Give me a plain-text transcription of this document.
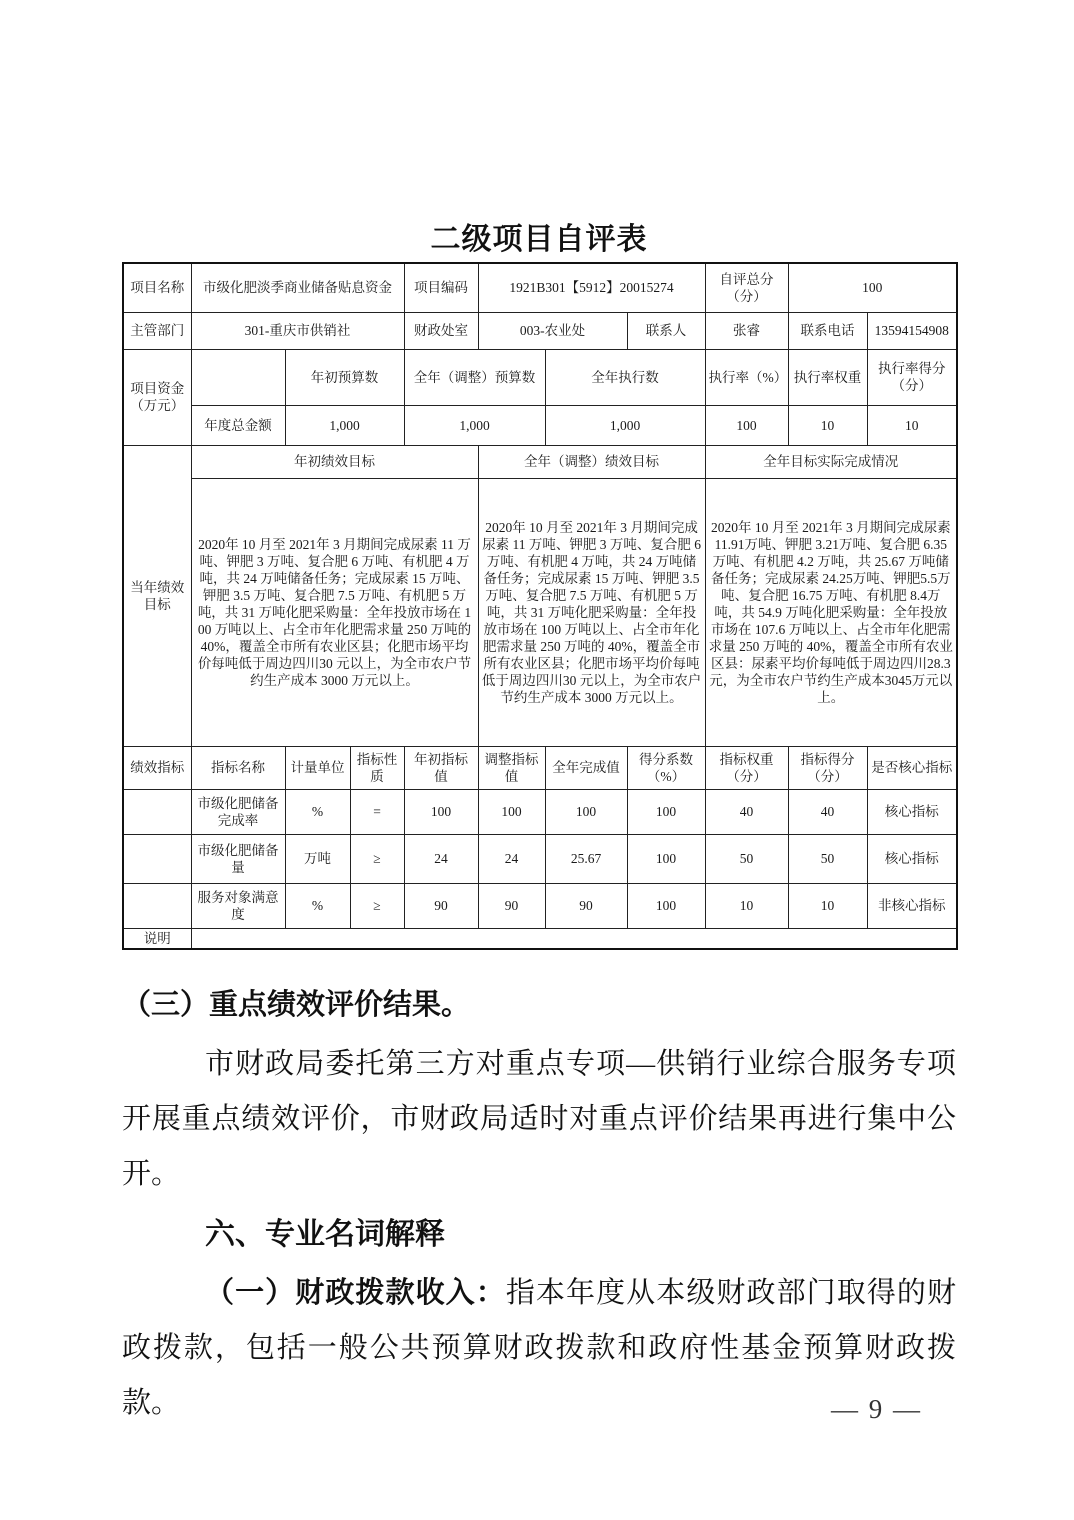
二级项目自评表
项目名称	市级化肥淡季商业储备贴息资金			项目编码	1921B301【5912】20015274			自评总分（分）	100	
主管部门	301-重庆市供销社			财政处室	003-农业处		联系人	张睿	联系电话	13594154908
项目资金（万元）		年初预算数		全年（调整）预算数		全年执行数		执行率（%）	执行率权重	执行率得分（分）
	年度总金额	1,000		1,000		1,000		100	10	10
当年绩效目标	年初绩效目标				全年（调整）绩效目标			全年目标实际完成情况		
2020年 10 月至 2021年 3 月期间完成尿素 11 万吨、钾肥 3 万吨、复合肥 6 万吨、有机肥 4 万吨，共 24 万吨储备任务；完成尿素 15 万吨、钾肥 3.5 万吨、复合肥 7.5 万吨、有机肥 5 万吨，共 31 万吨化肥采购量：全年投放市场在 100 万吨以上、占全市年化肥需求量 250 万吨的 40%，覆盖全市所有农业区县；化肥市场平均价每吨低于周边四川30 元以上，为全市农户节约生产成本 3000 万元以上。	2020年 10 月至 2021年 3 月期间完成尿素 11 万吨、钾肥 3 万吨、复合肥 6 万吨、有机肥 4 万吨，共 24 万吨储备任务；完成尿素 15 万吨、钾肥 3.5 万吨、复合肥 7.5 万吨、有机肥 5 万吨，共 31 万吨化肥采购量：全年投放市场在 100 万吨以上、占全市年化肥需求量 250 万吨的 40%，覆盖全市所有农业区县；化肥市场平均价每吨低于周边四川30 元以上，为全市农户节约生产成本 3000 万元以上。	2020年 10 月至 2021年 3 月期间完成尿素 11.91万吨、钾肥 3.21万吨、复合肥 6.35万吨、有机肥 4.2 万吨，共 25.67 万吨储备任务；完成尿素 24.25万吨、钾肥5.5万吨、复合肥 16.75 万吨、有机肥 8.4万吨，共 54.9 万吨化肥采购量：全年投放市场在 107.6 万吨以上、占全市年化肥需求量 250 万吨的 40%，覆盖全市所有农业区县：尿素平均价每吨低于周边四川28.3元，为全市农户节约生产成本3045万元以上。
绩效指标	指标名称	计量单位	指标性质	年初指标值	调整指标值	全年完成值	得分系数（%）	指标权重（分）	指标得分（分）	是否核心指标
	市级化肥储备完成率	%	=	100	100	100	100	40	40	核心指标
	市级化肥储备量	万吨	≥	24	24	25.67	100	50	50	核心指标
	服务对象满意度	%	≥	90	90	90	100	10	10	非核心指标
说明										

（三）重点绩效评价结果。

市财政局委托第三方对重点专项—供销行业综合服务专项开展重点绩效评价，市财政局适时对重点评价结果再进行集中公开。

六、专业名词解释

（一）财政拨款收入：指本年度从本级财政部门取得的财政拨款，包括一般公共预算财政拨款和政府性基金预算财政拨款。	— 9 —
